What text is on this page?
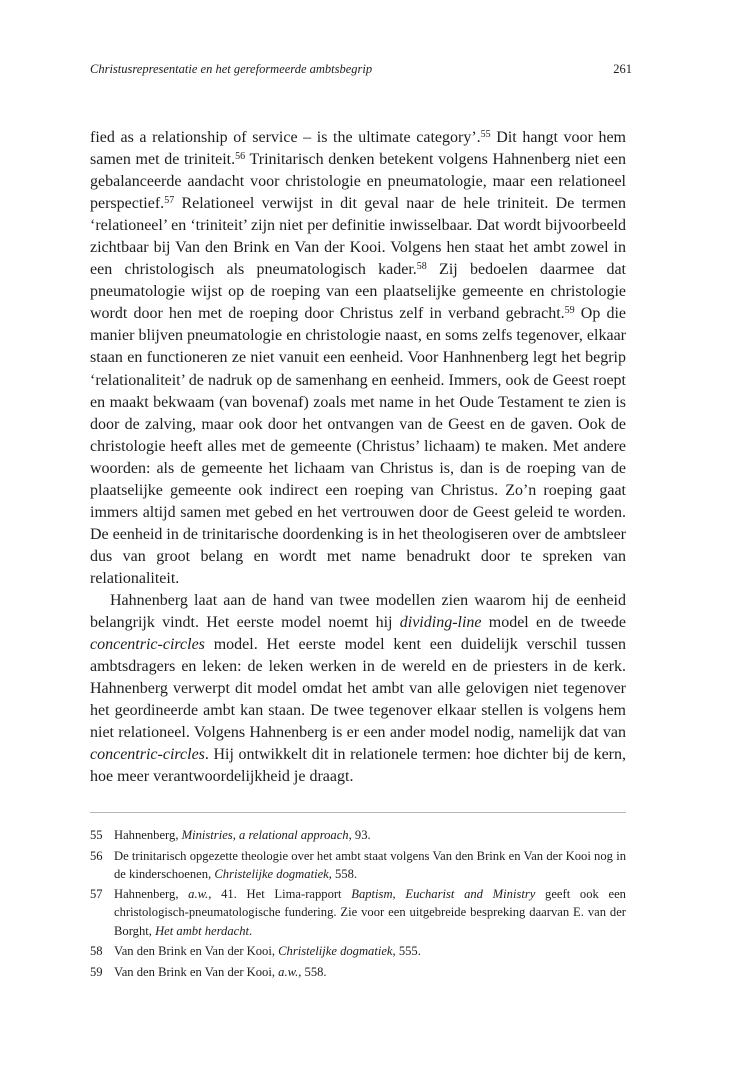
Christusrepresentatie en het gereformeerde ambtsbegrip	261

fied as a relationship of service – is the ultimate category’.$^{55}$ Dit hangt voor hem samen met de triniteit.$^{56}$ Trinitarisch denken betekent volgens Hahnenberg niet een gebalanceerde aandacht voor christologie en pneumatologie, maar een relationeel perspectief.$^{57}$ Relationeel verwijst in dit geval naar de hele triniteit. De termen ‘relationeel’ en ‘triniteit’ zijn niet per definitie inwisselbaar. Dat wordt bijvoorbeeld zichtbaar bij Van den Brink en Van der Kooi. Volgens hen staat het ambt zowel in een christologisch als pneumatologisch kader.$^{58}$ Zij bedoelen daarmee dat pneumatologie wijst op de roeping van een plaatselijke gemeente en christologie wordt door hen met de roeping door Christus zelf in verband gebracht.$^{59}$ Op die manier blijven pneumatologie en christologie naast, en soms zelfs tegenover, elkaar staan en functioneren ze niet vanuit een eenheid. Voor Hanhnenberg legt het begrip ‘relationaliteit’ de nadruk op de samenhang en eenheid. Immers, ook de Geest roept en maakt bekwaam (van bovenaf) zoals met name in het Oude Testament te zien is door de zalving, maar ook door het ontvangen van de Geest en de gaven. Ook de christologie heeft alles met de gemeente (Christus’ lichaam) te maken. Met andere woorden: als de gemeente het lichaam van Christus is, dan is de roeping van de plaatselijke gemeente ook indirect een roeping van Christus. Zo’n roeping gaat immers altijd samen met gebed en het vertrouwen door de Geest geleid te worden. De eenheid in de trinitarische doordenking is in het theologiseren over de ambtsleer dus van groot belang en wordt met name benadrukt door te spreken van relationaliteit.

Hahnenberg laat aan de hand van twee modellen zien waarom hij de eenheid belangrijk vindt. Het eerste model noemt hij dividing-line model en de tweede concentric-circles model. Het eerste model kent een duidelijk verschil tussen ambtsdragers en leken: de leken werken in de wereld en de priesters in de kerk. Hahnenberg verwerpt dit model omdat het ambt van alle gelovigen niet tegenover het geordineerde ambt kan staan. De twee tegenover elkaar stellen is volgens hem niet relationeel. Volgens Hahnenberg is er een ander model nodig, namelijk dat van concentric-circles. Hij ontwikkelt dit in relationele termen: hoe dichter bij de kern, hoe meer verantwoordelijkheid je draagt.

55 Hahnenberg, Ministries, a relational approach, 93.
56 De trinitarisch opgezette theologie over het ambt staat volgens Van den Brink en Van der Kooi nog in de kinderschoenen, Christelijke dogmatiek, 558.
57 Hahnenberg, a.w., 41. Het Lima-rapport Baptism, Eucharist and Ministry geeft ook een christologisch-pneumatologische fundering. Zie voor een uitgebreide bespreking daarvan E. van der Borght, Het ambt herdacht.
58 Van den Brink en Van der Kooi, Christelijke dogmatiek, 555.
59 Van den Brink en Van der Kooi, a.w., 558.
